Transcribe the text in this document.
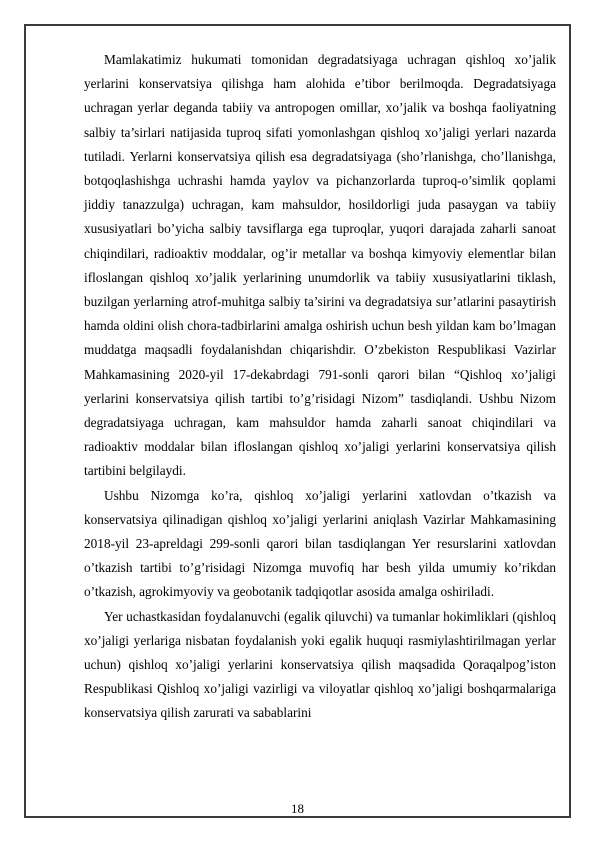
Mamlakatimiz hukumati tomonidan degradatsiyaga uchragan qishloq xo’jalik yerlarini konservatsiya qilishga ham alohida e’tibor berilmoqda. Degradatsiyaga uchragan yerlar deganda tabiiy va antropogen omillar, xo’jalik va boshqa faoliyatning salbiy ta’sirlari natijasida tuproq sifati yomonlashgan qishloq xo’jaligi yerlari nazarda tutiladi. Yerlarni konservatsiya qilish esa degradatsiyaga (sho’rlanishga, cho’llanishga, botqoqlashishga uchrashi hamda yaylov va pichanzorlarda tuproq-o’simlik qoplami jiddiy tanazzulga) uchragan, kam mahsuldor, hosildorligi juda pasaygan va tabiiy xususiyatlari bo’yicha salbiy tavsiflarga ega tuproqlar, yuqori darajada zaharli sanoat chiqindilari, radioaktiv moddalar, og’ir metallar va boshqa kimyoviy elementlar bilan ifloslangan qishloq xo’jalik yerlarining unumdorlik va tabiiy xususiyatlarini tiklash, buzilgan yerlarning atrof-muhitga salbiy ta’sirini va degradatsiya sur’atlarini pasaytirish hamda oldini olish chora-tadbirlarini amalga oshirish uchun besh yildan kam bo’lmagan muddatga maqsadli foydalanishdan chiqarishdir. O’zbekiston Respublikasi Vazirlar Mahkamasining 2020-yil 17-dekabrdagi 791-sonli qarori bilan “Qishloq xo’jaligi yerlarini konservatsiya qilish tartibi to’g’risidagi Nizom” tasdiqlandi. Ushbu Nizom degradatsiyaga uchragan, kam mahsuldor hamda zaharli sanoat chiqindilari va radioaktiv moddalar bilan ifloslangan qishloq xo’jaligi yerlarini konservatsiya qilish tartibini belgilaydi.

Ushbu Nizomga ko’ra, qishloq xo’jaligi yerlarini xatlovdan o’tkazish va konservatsiya qilinadigan qishloq xo’jaligi yerlarini aniqlash Vazirlar Mahkamasining 2018-yil 23-apreldagi 299-sonli qarori bilan tasdiqlangan Yer resurslarini xatlovdan o’tkazish tartibi to’g’risidagi Nizomga muvofiq har besh yilda umumiy ko’rikdan o’tkazish, agrokimyoviy va geobotanik tadqiqotlar asosida amalga oshiriladi.

Yer uchastkasidan foydalanuvchi (egalik qiluvchi) va tumanlar hokimliklari (qishloq xo’jaligi yerlariga nisbatan foydalanish yoki egalik huquqi rasmiylashtirilmagan yerlar uchun) qishloq xo’jaligi yerlarini konservatsiya qilish maqsadida Qoraqalpog’iston Respublikasi Qishloq xo’jaligi vazirligi va viloyatlar qishloq xo’jaligi boshqarmalariga konservatsiya qilish zarurati va sabablarini

18
